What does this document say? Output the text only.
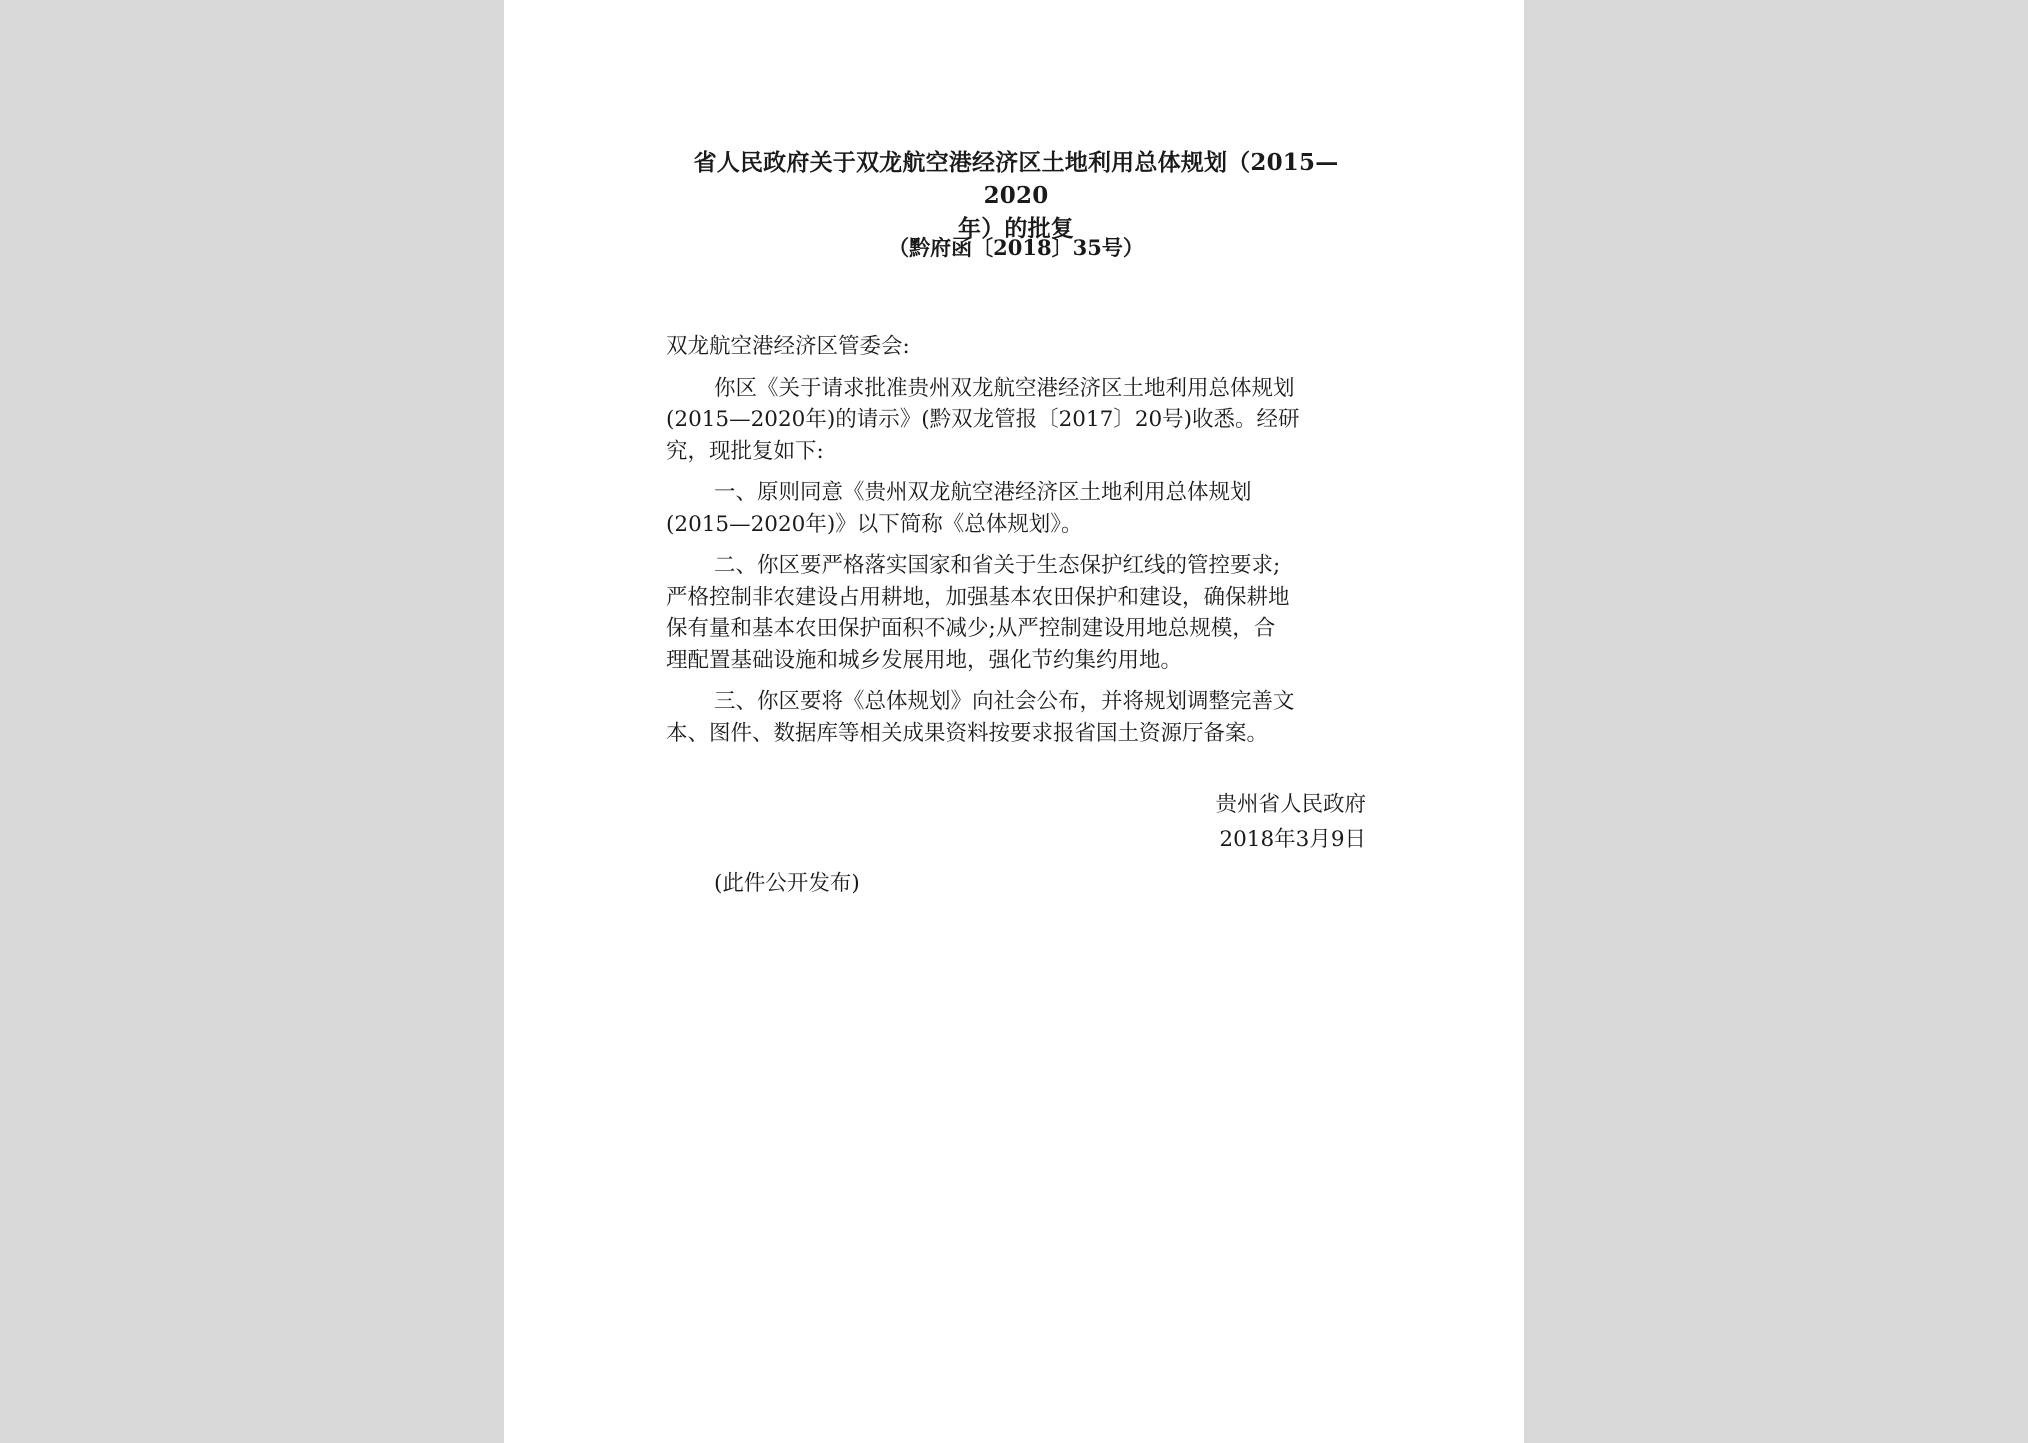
省人民政府关于双龙航空港经济区土地利用总体规划（2015—2020
年）的批复
（黔府函〔2018〕35号）
双龙航空港经济区管委会:
你区《关于请求批准贵州双龙航空港经济区土地利用总体规划
(2015—2020年)的请示》(黔双龙管报〔2017〕20号)收悉。经研
究，现批复如下:
一、原则同意《贵州双龙航空港经济区土地利用总体规划
(2015—2020年)》以下简称《总体规划》。
二、你区要严格落实国家和省关于生态保护红线的管控要求;
严格控制非农建设占用耕地，加强基本农田保护和建设，确保耕地
保有量和基本农田保护面积不减少;从严控制建设用地总规模，合
理配置基础设施和城乡发展用地，强化节约集约用地。
三、你区要将《总体规划》向社会公布，并将规划调整完善文
本、图件、数据库等相关成果资料按要求报省国土资源厅备案。
贵州省人民政府
2018年3月9日
(此件公开发布)
